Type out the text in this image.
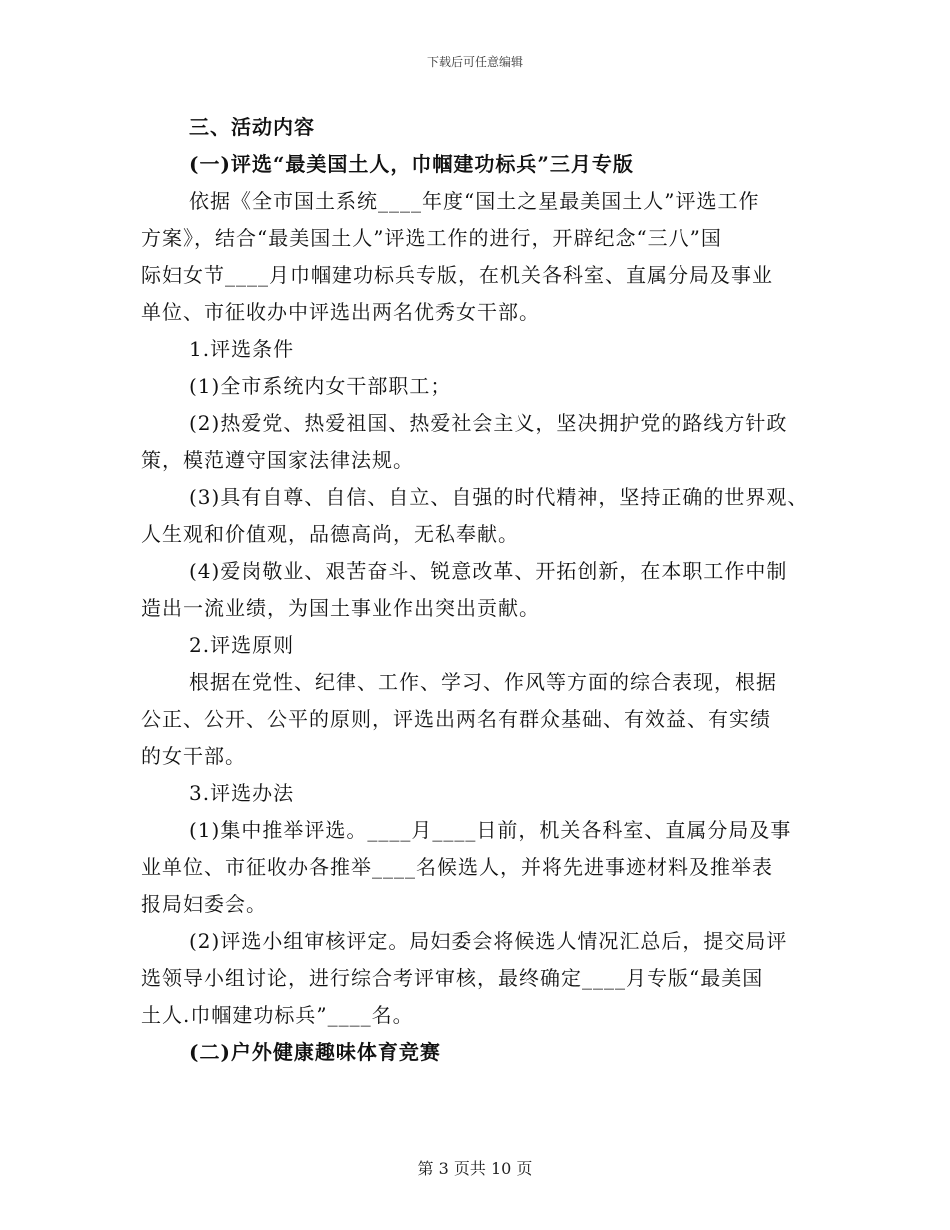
下载后可任意编辑
三、活动内容
(一)评选“最美国土人，巾帼建功标兵”三月专版
依据《全市国土系统____年度“国土之星最美国土人”评选工作
方案》，结合“最美国土人”评选工作的进行，开辟纪念“三八”国
际妇女节____月巾帼建功标兵专版，在机关各科室、直属分局及事业
单位、市征收办中评选出两名优秀女干部。
1.评选条件
(1)全市系统内女干部职工；
(2)热爱党、热爱祖国、热爱社会主义，坚决拥护党的路线方针政
策，模范遵守国家法律法规。
(3)具有自尊、自信、自立、自强的时代精神，坚持正确的世界观、
人生观和价值观，品德高尚，无私奉献。
(4)爱岗敬业、艰苦奋斗、锐意改革、开拓创新，在本职工作中制
造出一流业绩，为国土事业作出突出贡献。
2.评选原则
根据在党性、纪律、工作、学习、作风等方面的综合表现，根据
公正、公开、公平的原则，评选出两名有群众基础、有效益、有实绩
的女干部。
3.评选办法
(1)集中推举评选。____月____日前，机关各科室、直属分局及事
业单位、市征收办各推举____名候选人，并将先进事迹材料及推举表
报局妇委会。
(2)评选小组审核评定。局妇委会将候选人情况汇总后，提交局评
选领导小组讨论，进行综合考评审核，最终确定____月专版“最美国
土人.巾帼建功标兵”____名。
(二)户外健康趣味体育竞赛
第 3 页共 10 页
